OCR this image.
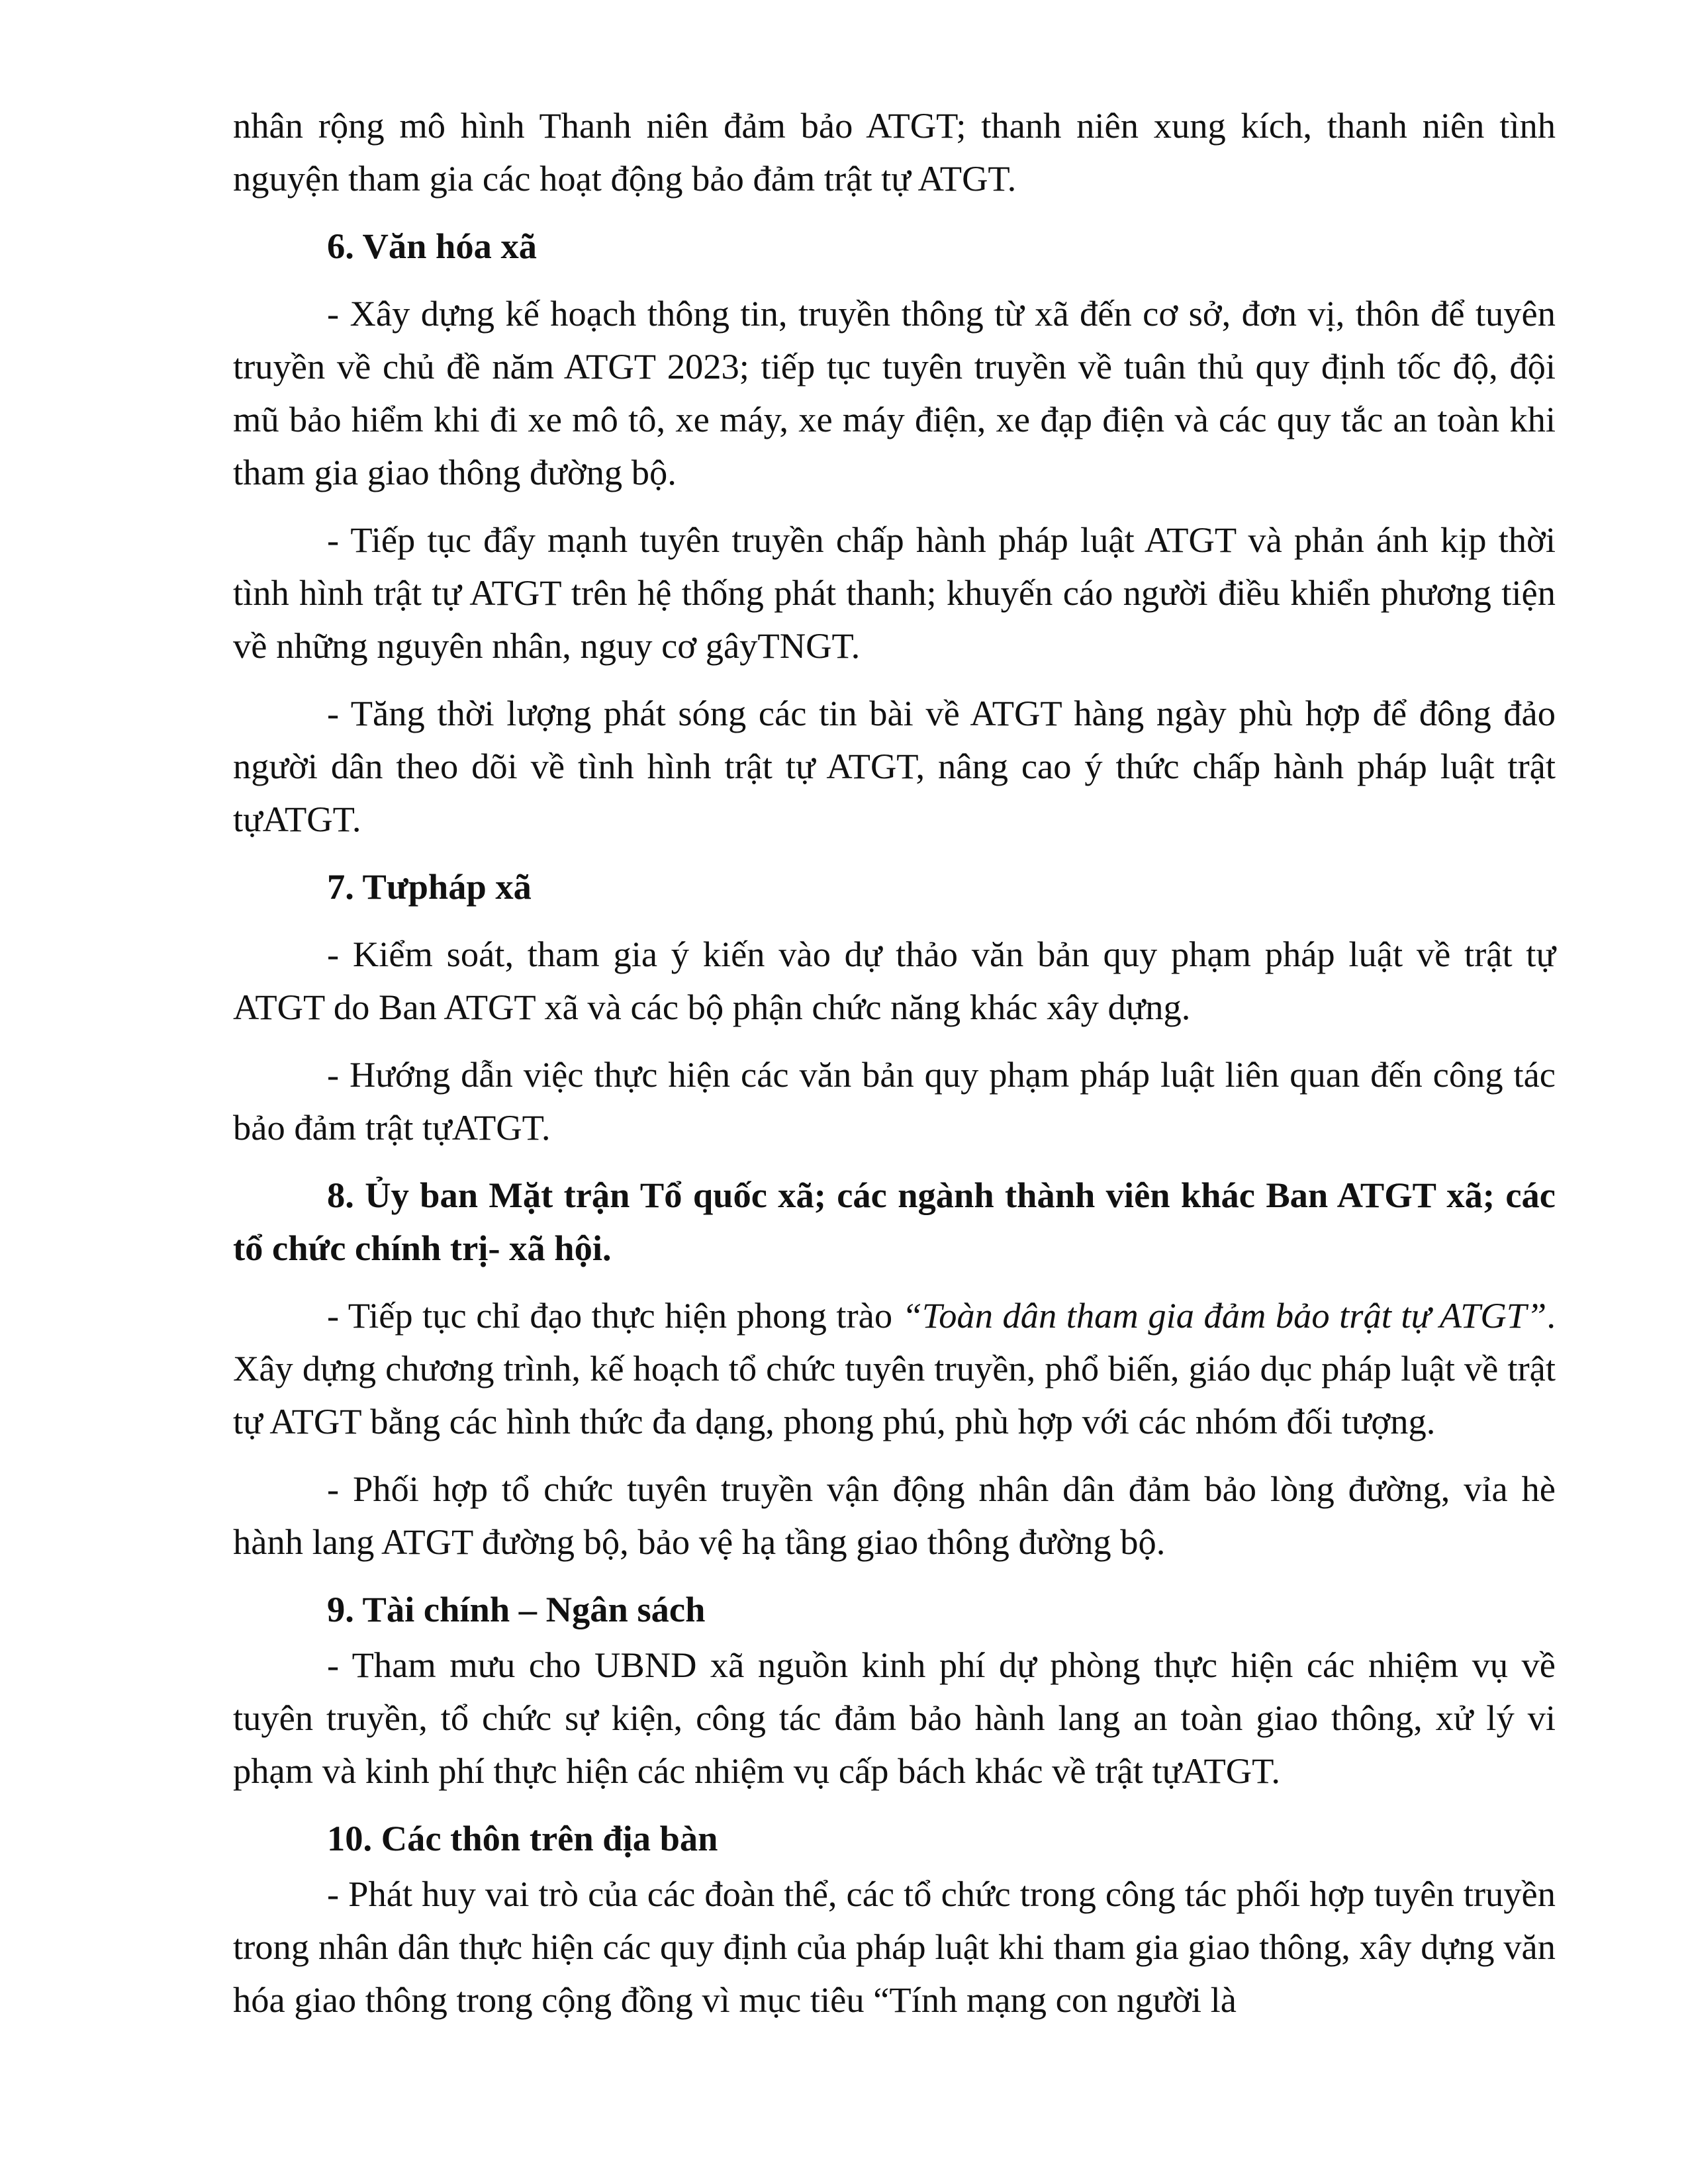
nhân rộng mô hình Thanh niên đảm bảo ATGT; thanh niên xung kích, thanh niên tình nguyện tham gia các hoạt động bảo đảm trật tự ATGT.

6. Văn hóa xã

- Xây dựng kế hoạch thông tin, truyền thông từ xã đến cơ sở, đơn vị, thôn để tuyên truyền về chủ đề năm ATGT 2023; tiếp tục tuyên truyền về tuân thủ quy định tốc độ, đội mũ bảo hiểm khi đi xe mô tô, xe máy, xe máy điện, xe đạp điện và các quy tắc an toàn khi tham gia giao thông đường bộ.

- Tiếp tục đẩy mạnh tuyên truyền chấp hành pháp luật ATGT và phản ánh kịp thời tình hình trật tự ATGT trên hệ thống phát thanh; khuyến cáo người điều khiển phương tiện về những nguyên nhân, nguy cơ gâyTNGT.

- Tăng thời lượng phát sóng các tin bài về ATGT hàng ngày phù hợp để đông đảo người dân theo dõi về tình hình trật tự ATGT, nâng cao ý thức chấp hành pháp luật trật tựATGT.

7. Tưpháp xã

- Kiểm soát, tham gia ý kiến vào dự thảo văn bản quy phạm pháp luật về trật tự ATGT do Ban ATGT xã và các bộ phận chức năng khác xây dựng.

- Hướng dẫn việc thực hiện các văn bản quy phạm pháp luật liên quan đến công tác bảo đảm trật tựATGT.

8. Ủy ban Mặt trận Tổ quốc xã; các ngành thành viên khác Ban ATGT xã; các tổ chức chính trị- xã hội.

- Tiếp tục chỉ đạo thực hiện phong trào “Toàn dân tham gia đảm bảo trật tự ATGT”. Xây dựng chương trình, kế hoạch tổ chức tuyên truyền, phổ biến, giáo dục pháp luật về trật tự ATGT bằng các hình thức đa dạng, phong phú, phù hợp với các nhóm đối tượng.

- Phối hợp tổ chức tuyên truyền vận động nhân dân đảm bảo lòng đường, vỉa hè hành lang ATGT đường bộ, bảo vệ hạ tầng giao thông đường bộ.

9. Tài chính – Ngân sách

- Tham mưu cho UBND xã nguồn kinh phí dự phòng thực hiện các nhiệm vụ về tuyên truyền, tổ chức sự kiện, công tác đảm bảo hành lang an toàn giao thông, xử lý vi phạm và kinh phí thực hiện các nhiệm vụ cấp bách khác về trật tựATGT.

10. Các thôn trên địa bàn

- Phát huy vai trò của các đoàn thể, các tổ chức trong công tác phối hợp tuyên truyền trong nhân dân thực hiện các quy định của pháp luật khi tham gia giao thông, xây dựng văn hóa giao thông trong cộng đồng vì mục tiêu “Tính mạng con người là
